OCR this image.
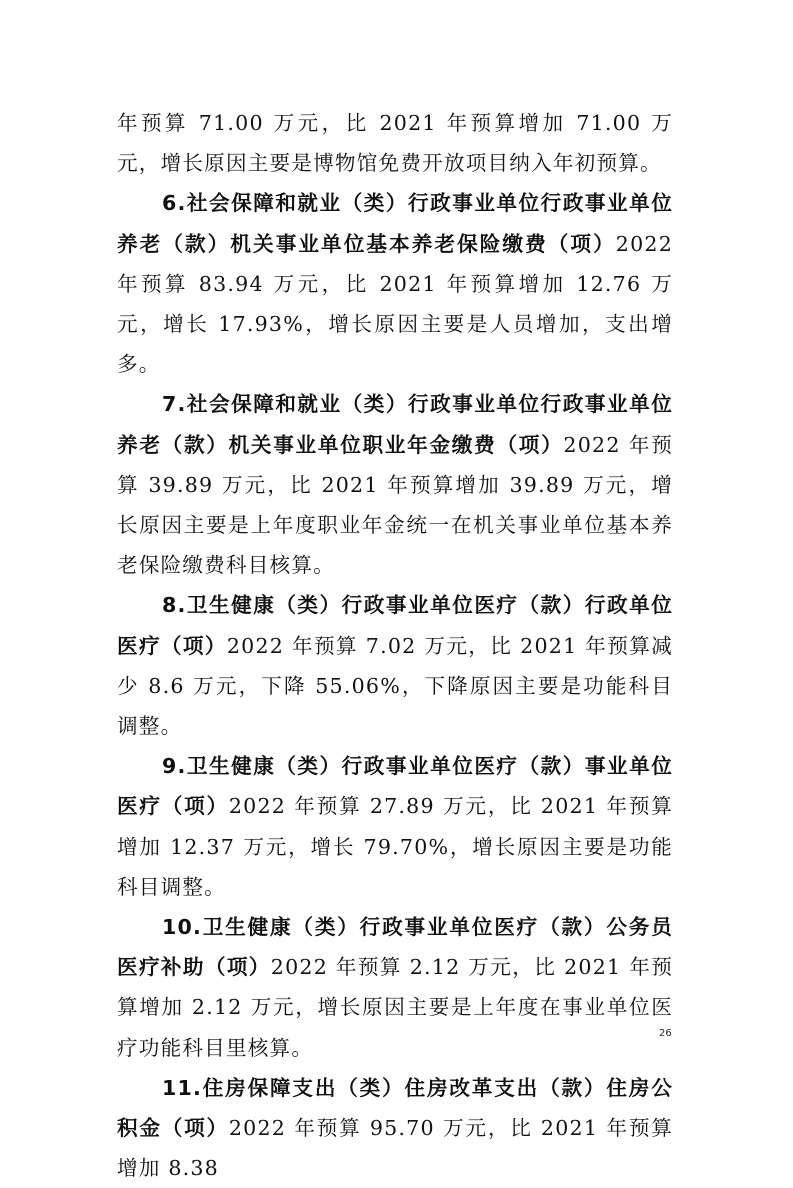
年预算 71.00 万元，比 2021 年预算增加 71.00 万元，增长原因主要是博物馆免费开放项目纳入年初预算。

6.社会保障和就业（类）行政事业单位行政事业单位养老（款）机关事业单位基本养老保险缴费（项）2022 年预算 83.94 万元，比 2021 年预算增加 12.76 万元，增长 17.93%，增长原因主要是人员增加，支出增多。

7.社会保障和就业（类）行政事业单位行政事业单位养老（款）机关事业单位职业年金缴费（项）2022 年预算 39.89 万元，比 2021 年预算增加 39.89 万元，增长原因主要是上年度职业年金统一在机关事业单位基本养老保险缴费科目核算。

8.卫生健康（类）行政事业单位医疗（款）行政单位医疗（项）2022 年预算 7.02 万元，比 2021 年预算减少 8.6 万元，下降 55.06%，下降原因主要是功能科目调整。

9.卫生健康（类）行政事业单位医疗（款）事业单位医疗（项）2022 年预算 27.89 万元，比 2021 年预算增加 12.37 万元，增长 79.70%，增长原因主要是功能科目调整。

10.卫生健康（类）行政事业单位医疗（款）公务员医疗补助（项）2022 年预算 2.12 万元，比 2021 年预算增加 2.12 万元，增长原因主要是上年度在事业单位医疗功能科目里核算。

11.住房保障支出（类）住房改革支出（款）住房公积金（项）2022 年预算 95.70 万元，比 2021 年预算增加 8.38

26
